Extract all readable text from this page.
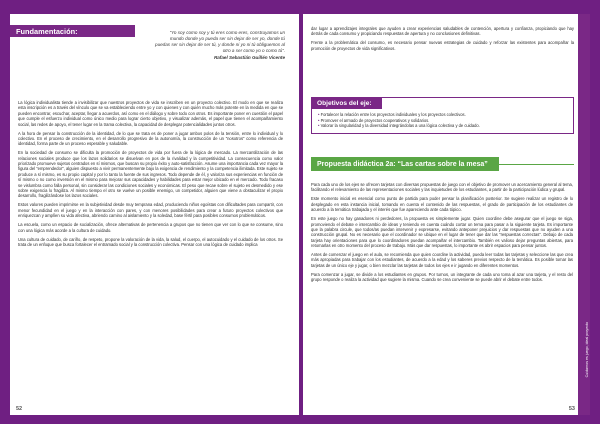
Fundamentación:	“Yo soy como soy y tú eres como eres, construyamos un mundo donde yo pueda ser sin dejar de ser yo, donde tú puedas ser sin dejar de ser tú, y donde ni yo ni tú obliguemos al otro a ser como yo o como tú”.
Rafael Sebastián Guillén Vicente

La lógica individualista tiende a invisibilizar que nuestros proyectos de vida se inscriben en un proyecto colectivo. El modo en que se realiza esta inscripción es a través del vínculo que se va estableciendo entre yo y con quienes y con quién mucho más potente en la medida en que se pueden encontrar, escuchar, aceptar, llegar a acuerdos, así como en el diálogo y sobre todo con otros. Es importante poner en cuestión el papel que cumple el esfuerzo individual como único medio para lograr cierto objetivo, y visualizar además, el papel que tienen el acompañamiento social, las redes de apoyo, el tener lugar en la trama colectiva, la capacidad de desplegar potencialidades juntos otros.

A la hora de pensar la construcción de la identidad, de lo que se trata es de poner a jugar ambos polos de la tensión, entre lo individual y lo colectivo. En el proceso de crecimiento, en el desarrollo progresivo de la autonomía, la construcción de un “nosotros” como referencia de identidad, forma parte de un proceso esperable y saludable.

En la sociedad de consumo se dificulta la promoción de proyectos de vida por fuera de la lógica de mercado. La mercantilización de las relaciones sociales produce que los lazos solidarios se disuelvan en pos de la rivalidad y la competitividad. La consecuencia como valor priorizado promueve sujetos centrados en sí mismos, que buscan su propio éxito y auto-satisfacción. Asume una importancia cada vez mayor la figura del “emprendedor”, alguien dispuesto a vivir permanentemente bajo la exigencia de rendimiento y la competencia ilimitada. Este sujeto se produce a sí mismo, es su propio capital y por lo tanto la fuente de sus ingresos. Todo depende de él, y valoriza sus experiencias en función de sí mismo o no como inversión en el mismo para mejorar sus capacidades y habilidades para estar mejor ubicado en el mercado. Todo fracaso se vislumbra como falla personal, sin considerar las condiciones sociales y económicas. El peso que recae sobre el sujeto es desmedido y ese sobre exigencia lo fragiliza. Al mismo tiempo el otro se vuelve un posible enemigo, un competidor, alguien que viene a obstaculizar el propio desarrollo, fragilizándose los lazos sociales.

Estos valores pueden imprimirse en la subjetividad desde muy temprana edad, produciendo niños egoístas con dificultades para compartir, con menor fecundidad en el juego y en la interacción con pares, y con menores posibilidades para crear a futuro proyectos colectivos que enriquezcan y amplíen su vida afectiva, abriendo camino al aislamiento y la soledad, base fértil para posibles consumos problemáticos.

La escuela, como un espacio de socialización, ofrece alternativas de pertenencia a grupos que no tienen que ver con lo que se consume, sino con una lógica más acorde a la cultura de cuidado.

Una cultura de cuidado, de cariño, de respeto, propone la valoración de la vida, la salud, el cuerpo, el autocuidado y el cuidado de los otros. Se trata de un enfoque que busca fortalecer el entramado social y la construcción colectiva. Pensar con una lógica de cuidado implica

52

dar lugar a aprendizajes integrales que ayuden a crear experiencias saludables de contención, apertura y confianza, propiciando que hay detrás de cada consumo y propiciando respuestas de apertura y no conclusiones definitivas.

Frente a la problemática del consumo, es necesario pensar nuevas estrategias de cuidado y reforzar las existentes para acompañar la promoción de proyectos de vida significativos.

Objetivos del eje:
• Fortalecer la relación entre los proyectos individuales y los proyectos colectivos.
• Promover el armado de proyectos cooperativos y solidarios.
• Valorar la singularidad y la diversidad integrándolas a una lógica colectiva y de cuidado.
Propuesta didáctica 2a: “Las cartas sobre la mesa”

Para cada uno de los ejes se ofrecen tarjetas con diversas propuestas de juego con el objetivo de promover un acercamiento general al tema, facilitando el relevamiento de las representaciones sociales y las inquietudes de los estudiantes, a partir de la participación lúdica y grupal.

Este momento inicial es esencial como punto de partida para poder pensar la planificación posterior. Se sugiere realizar un registro de lo desplegado en esta instancia inicial, tomando en cuenta el contenido de las respuestas, el grado de participación de los estudiantes de acuerdo a la temática trabajada y el interés que fue apareciendo ante cada tópico.

En este juego no hay ganadores ni perdedores, la propuesta es simplemente jugar. Quien coordine debe asegurar que el juego se siga, promoviendo el debate e intercambio de ideas y teniendo en cuenta cuándo cortar un tema para pasar a la siguiente tarjeta. Es importante que la palabra circule, que todos/as puedan intervenir y expresarse, evitando anteponer prejuicios y dar respuestas que no ayuden a una construcción grupal. No es necesario que el coordinador se ubique en el lugar de tener que dar las “respuestas correctas”. Debajo de cada tarjeta hay orientaciones para que lo coordinadores puedan acompañar el intercambio. También es valioso dejar preguntas abiertas, para retomarlas en otro momento del proceso de trabajo. Más que dar respuestas, lo importante es abrir espacios para pensar juntos.

Antes de comenzar el juego en el aula, se recomienda que quien coordine la actividad, pueda leer todas las tarjetas y seleccione las que crea más apropiadas para trabajar con los estudiantes, de acuerdo a la edad y los saberes previos respecto de la temática. Es posible tomar las tarjetas de un único eje y jugar, o bien mezclar las tarjetas de todos los ejes e ir jugando en diferentes momentos.

Para comenzar a jugar, se divide a los estudiantes en grupos. Por turnos, un integrante de cada uno toma al azar una tarjeta, y el resto del grupo responde o realiza la actividad que sugiere la misma. Cuando se crea conveniente se puede abrir el debate entre todos.

Cuidarnos es juego, ideal proyecto
53
